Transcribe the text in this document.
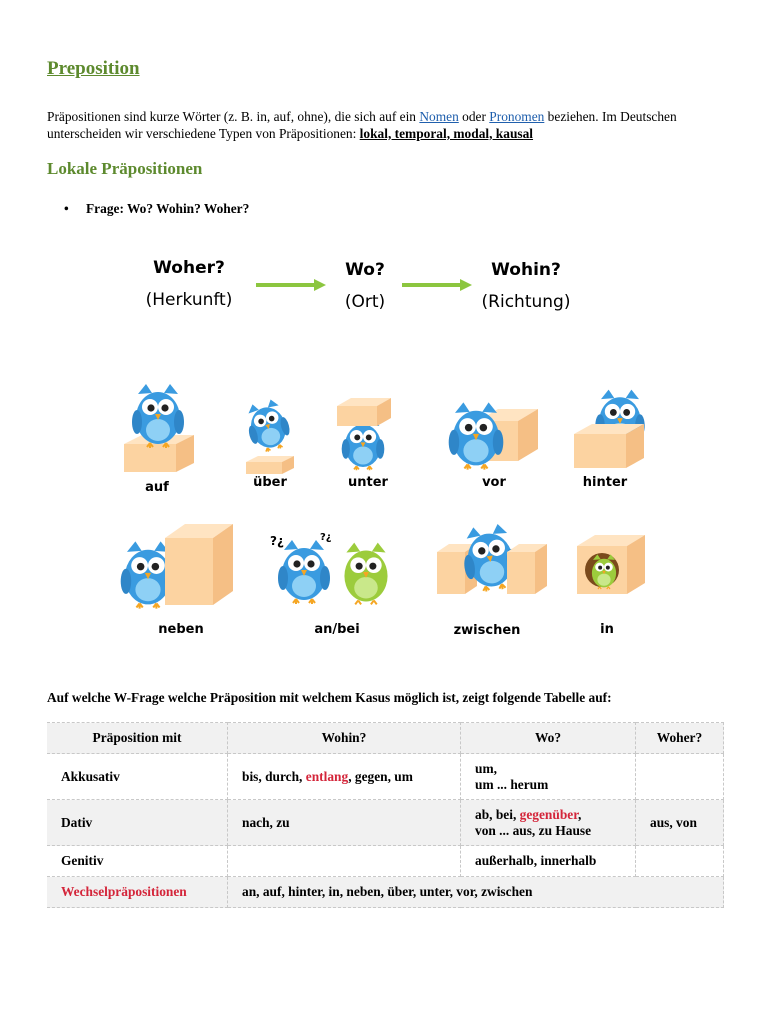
Preposition

Präpositionen sind kurze Wörter (z. B. in, auf, ohne), die sich auf ein Nomen oder Pronomen beziehen. Im Deutschen unterscheiden wir verschiedene Typen von Präpositionen: lokal, temporal, modal, kausal

Lokale Präpositionen
• Frage: Wo? Wohin? Woher?
Woher?
(Herkunft)
Wo?
(Ort)
Wohin?
(Richtung)
auf	über	unter	vor	hinter
neben
?¿	?¿
an/bei	zwischen	in

Auf welche W-Frage welche Präposition mit welchem Kasus möglich ist, zeigt folgende Tabelle auf:

Präposition mit	Wohin?	Wo?	Woher?
Akkusativ	bis, durch, entlang, gegen, um	um,
um ... herum	

Dativ	nach, zu	ab, bei, gegenüber,
von ... aus, zu Hause	aus, von
Genitiv		außerhalb, innerhalb	
Wechselpräpositionen	an, auf, hinter, in, neben, über, unter, vor, zwischen		
